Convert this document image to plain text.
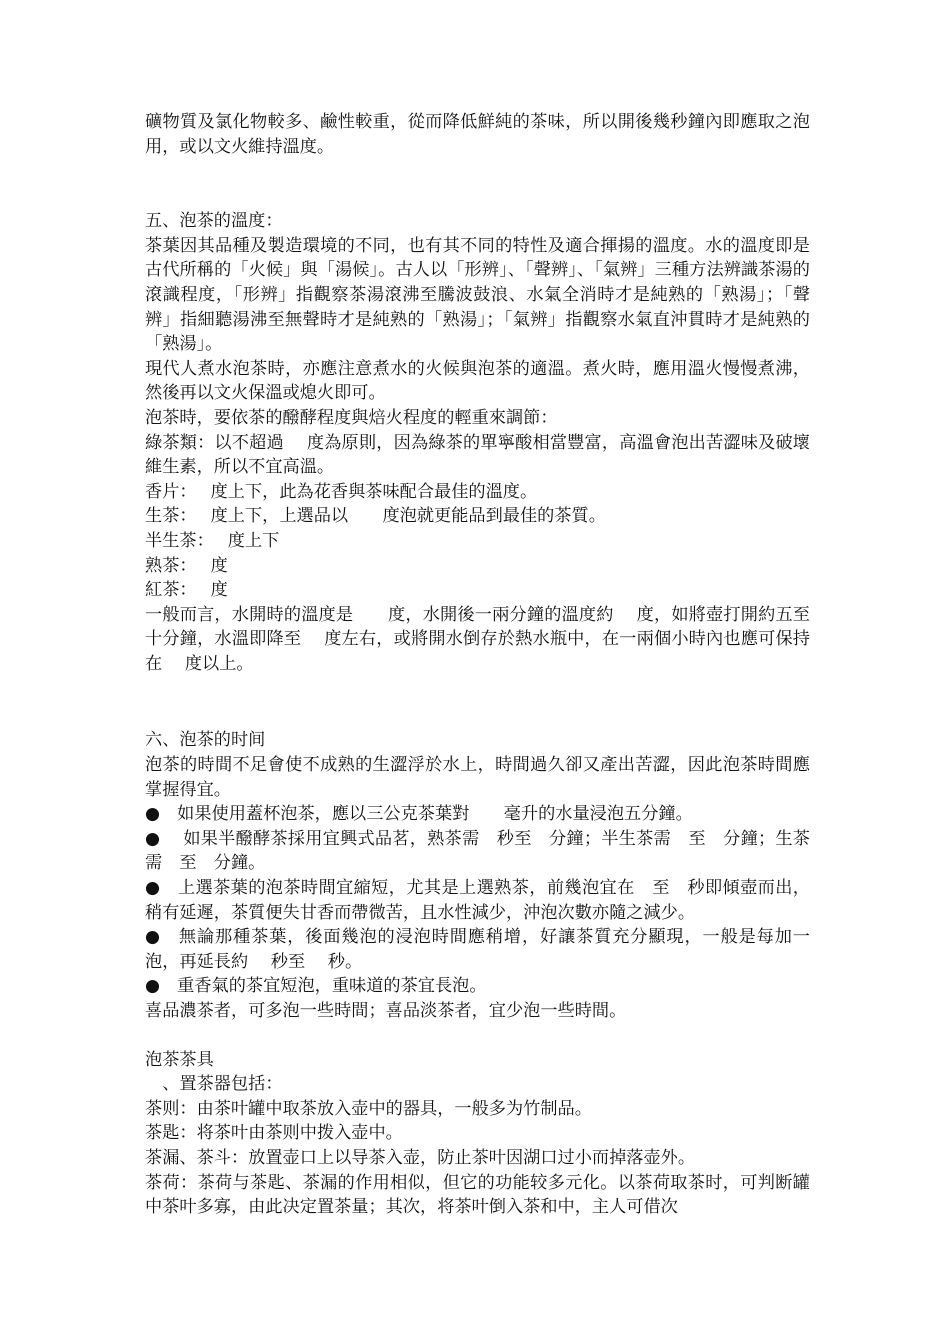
礦物質及氯化物較多、鹼性較重，從而降低鮮純的茶味，所以開後幾秒鐘內即應取之泡用，或以文火維持溫度。

五、泡茶的溫度：

茶葉因其品種及製造環境的不同，也有其不同的特性及適合揮揚的溫度。水的溫度即是古代所稱的「火候」與「湯候」。古人以「形辨」、「聲辨」、「氣辨」三種方法辨識茶湯的滾識程度，「形辨」指觀察茶湯滾沸至騰波鼓浪、水氣全消時才是純熟的「熟湯」；「聲辨」指細聽湯沸至無聲時才是純熟的「熟湯」；「氣辨」指觀察水氣直沖貫時才是純熟的「熟湯」。

現代人煮水泡茶時，亦應注意煮水的火候與泡茶的適溫。煮火時，應用溫火慢慢煮沸，然後再以文火保溫或熄火即可。

泡茶時，要依茶的醱酵程度與焙火程度的輕重來調節：

綠茶類：以不超過　 度為原則，因為綠茶的單寧酸相當豐富，高溫會泡出苦澀味及破壞維生素，所以不宜高溫。

香片：　 度上下，此為花香與茶味配合最佳的溫度。

生茶：　 度上下，上選品以　　度泡就更能品到最佳的茶質。

半生茶：　 度上下

熟茶：　 度

紅茶：　 度

一般而言，水開時的溫度是　　度，水開後一兩分鐘的溫度約　 度，如將壺打開約五至十分鐘，水溫即降至　 度左右，或將開水倒存於熱水瓶中，在一兩個小時內也應可保持在　 度以上。

六、泡茶的时间

泡茶的時間不足會使不成熟的生澀浮於水上，時間過久卻又產出苦澀，因此泡茶時間應掌握得宜。

●　如果使用蓋杯泡茶，應以三公克茶葉對　　毫升的水量浸泡五分鐘。

●　 如果半醱酵茶採用宜興式品茗，熟茶需　秒至　分鐘；半生茶需　至　分鐘；生茶需　至　分鐘。

●　上選茶葉的泡茶時間宜縮短，尤其是上選熟茶，前幾泡宜在　至　秒即傾壺而出，稍有延遲，茶質便失甘香而帶微苦，且水性減少，沖泡次數亦隨之減少。

●　無論那種茶葉，後面幾泡的浸泡時間應稍增，好讓茶質充分顯現，一般是每加一泡，再延長約　 秒至　 秒。

●　重香氣的茶宜短泡，重味道的茶宜長泡。

喜品濃茶者，可多泡一些時間；喜品淡茶者，宜少泡一些時間。

泡茶茶具

　、置茶器包括：

茶则：由茶叶罐中取茶放入壶中的器具，一般多为竹制品。

茶匙：将茶叶由茶则中拨入壶中。

茶漏、茶斗：放置壶口上以导茶入壶，防止茶叶因湖口过小而掉落壶外。

茶荷：茶荷与茶匙、茶漏的作用相似，但它的功能较多元化。以茶荷取茶时，可判断罐　中茶叶多寡，由此决定置茶量；其次，将茶叶倒入茶和中，主人可借次
